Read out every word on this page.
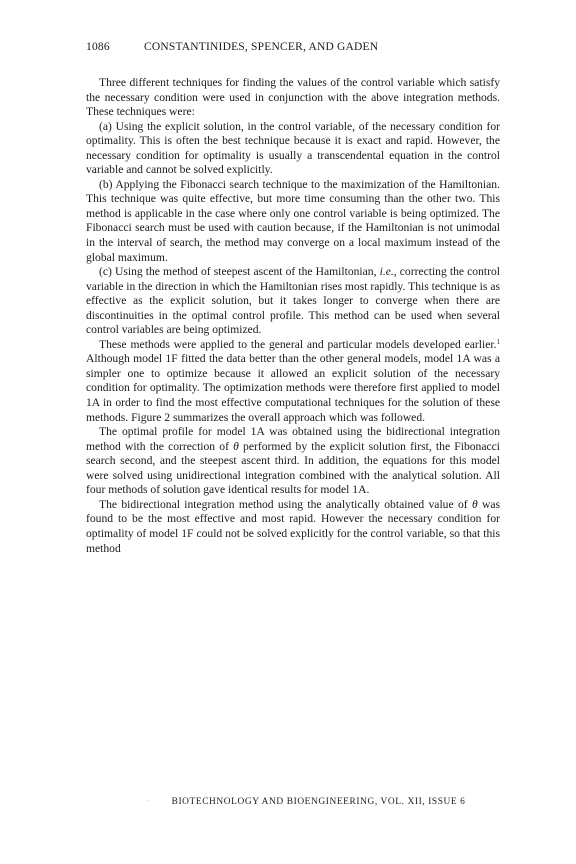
1086	CONSTANTINIDES, SPENCER, AND GADEN

Three different techniques for finding the values of the control variable which satisfy the necessary condition were used in conjunction with the above integration methods. These techniques were:

(a) Using the explicit solution, in the control variable, of the necessary condition for optimality. This is often the best technique because it is exact and rapid. However, the necessary condition for optimality is usually a transcendental equation in the control variable and cannot be solved explicitly.

(b) Applying the Fibonacci search technique to the maximization of the Hamiltonian. This technique was quite effective, but more time consuming than the other two. This method is applicable in the case where only one control variable is being optimized. The Fibonacci search must be used with caution because, if the Hamiltonian is not unimodal in the interval of search, the method may converge on a local maximum instead of the global maximum.

(c) Using the method of steepest ascent of the Hamiltonian, i.e., correcting the control variable in the direction in which the Hamiltonian rises most rapidly. This technique is as effective as the explicit solution, but it takes longer to converge when there are discontinuities in the optimal control profile. This method can be used when several control variables are being optimized.

These methods were applied to the general and particular models developed earlier.$^1$ Although model 1F fitted the data better than the other general models, model 1A was a simpler one to optimize because it allowed an explicit solution of the necessary condition for optimality. The optimization methods were therefore first applied to model 1A in order to find the most effective computational techniques for the solution of these methods. Figure 2 summarizes the overall approach which was followed.

The optimal profile for model 1A was obtained using the bidirectional integration method with the correction of θ performed by the explicit solution first, the Fibonacci search second, and the steepest ascent third. In addition, the equations for this model were solved using unidirectional integration combined with the analytical solution. All four methods of solution gave identical results for model 1A.

The bidirectional integration method using the analytically obtained value of θ was found to be the most effective and most rapid. However the necessary condition for optimality of model 1F could not be solved explicitly for the control variable, so that this method

· BIOTECHNOLOGY AND BIOENGINEERING, VOL. XII, ISSUE 6
